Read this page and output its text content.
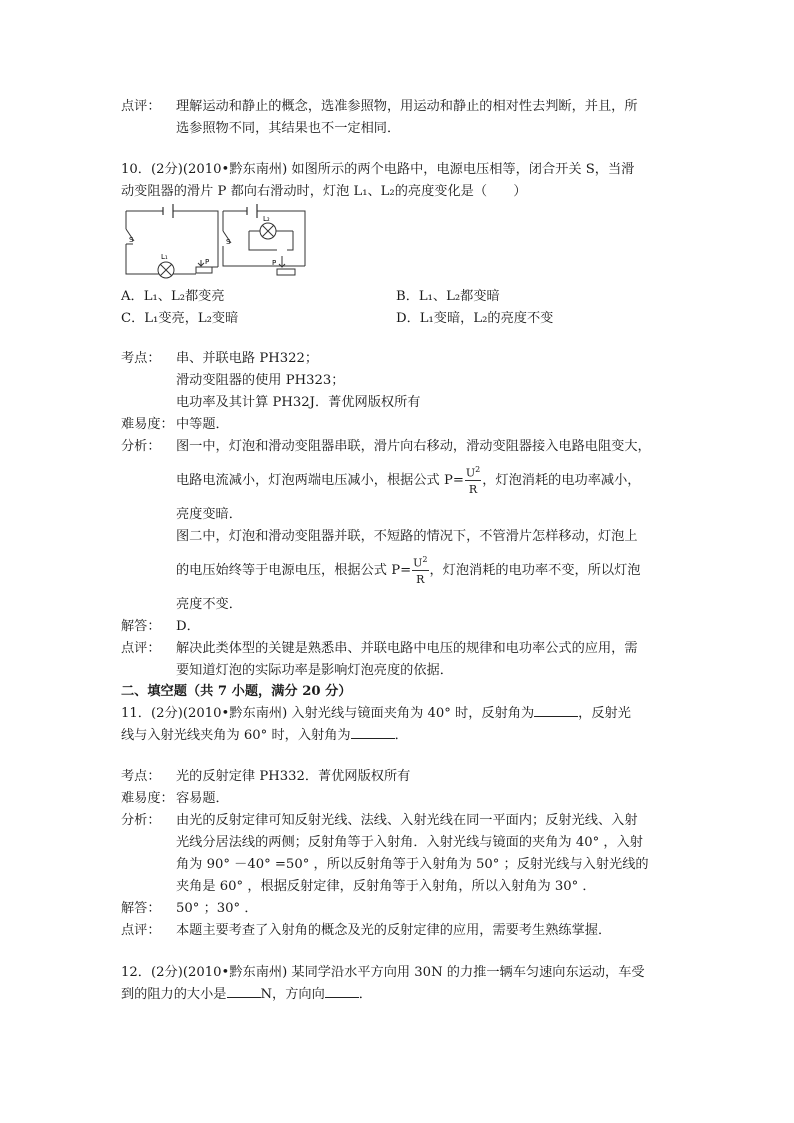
点评：	理解运动和静止的概念，选准参照物，用运动和静止的相对性去判断，并且，所
选参照物不同，其结果也不一定相同．
10．(2分)(2010•黔东南州) 如图所示的两个电路中，电源电压相等，闭合开关 S，当滑
动变阻器的滑片 P 都向右滑动时，灯泡 L₁、L₂的亮度变化是（　　）
S
L₁
P
S
L₂
P
A．L₁、L₂都变亮	B．L₁、L₂都变暗
C．L₁变亮，L₂变暗	D．L₁变暗，L₂的亮度不变
考点：	串、并联电路 PH322；
滑动变阻器的使用 PH323；
电功率及其计算 PH32J．菁优网版权所有
难易度： 中等题．
分析：	图一中，灯泡和滑动变阻器串联，滑片向右移动，滑动变阻器接入电路电阻变大，
电路电流减小，灯泡两端电压减小，根据公式 $P= \frac{U^2}{R}$ ，灯泡消耗的电功率减小，
亮度变暗．
图二中，灯泡和滑动变阻器并联，不短路的情况下，不管滑片怎样移动，灯泡上
的电压始终等于电源电压，根据公式 $P= \frac{U^2}{R}$ ，灯泡消耗的电功率不变，所以灯泡
亮度不变．
解答：	D．
点评：	解决此类体型的关键是熟悉串、并联电路中电压的规律和电功率公式的应用，需
要知道灯泡的实际功率是影响灯泡亮度的依据．
二、填空题（共 7 小题，满分 20 分）
11．(2分)(2010•黔东南州) 入射光线与镜面夹角为 40° 时，反射角为	，反射光
线与入射光线夹角为 60° 时，入射角为	．
考点：	光的反射定律 PH332．菁优网版权所有
难易度： 容易题．
分析：	由光的反射定律可知反射光线、法线、入射光线在同一平面内；反射光线、入射
光线分居法线的两侧；反射角等于入射角．入射光线与镜面的夹角为 40° ，入射
角为 90° －40° =50° ，所以反射角等于入射角为 50° ；反射光线与入射光线的
夹角是 60° ，根据反射定律，反射角等于入射角，所以入射角为 30° ．
解答：	50° ；30° ．
点评：	本题主要考查了入射角的概念及光的反射定律的应用，需要考生熟练掌握．
12．(2分)(2010•黔东南州) 某同学沿水平方向用 30N 的力推一辆车匀速向东运动，车受
到的阻力的大小是	N，方向向	．
